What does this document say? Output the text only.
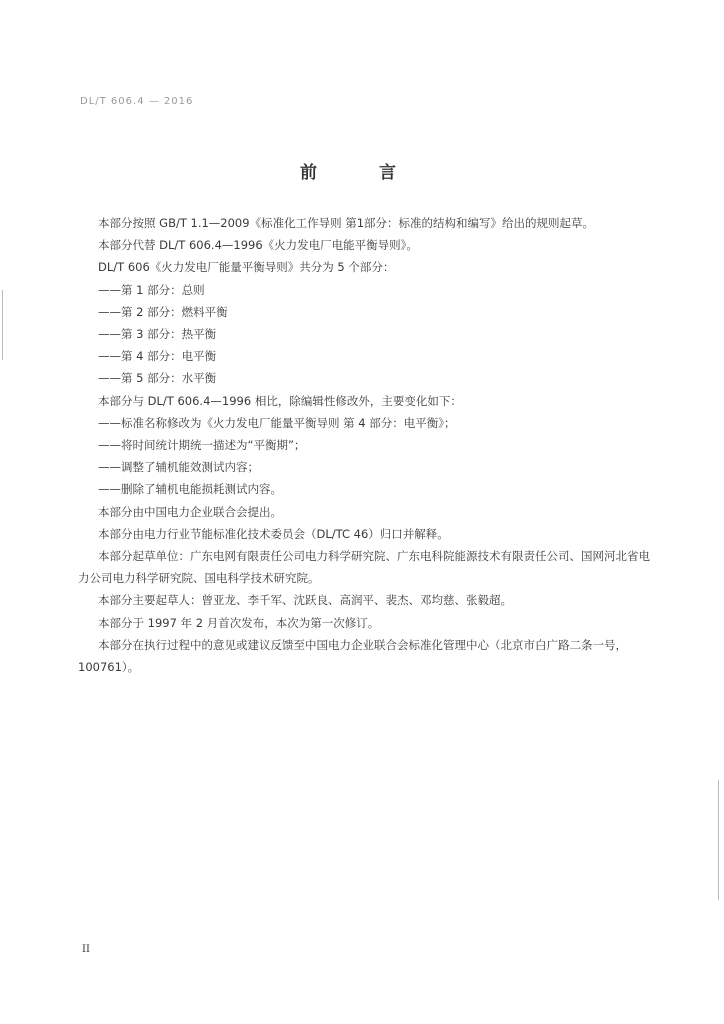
DL/T 606.4 — 2016
前 言

本部分按照 GB/T 1.1—2009《标准化工作导则 第1部分：标准的结构和编写》给出的规则起草。

本部分代替 DL/T 606.4—1996《火力发电厂电能平衡导则》。

DL/T 606《火力发电厂能量平衡导则》共分为 5 个部分：

——第 1 部分：总则

——第 2 部分：燃料平衡

——第 3 部分：热平衡

——第 4 部分：电平衡

——第 5 部分：水平衡

本部分与 DL/T 606.4—1996 相比，除编辑性修改外，主要变化如下：

——标准名称修改为《火力发电厂能量平衡导则 第 4 部分：电平衡》；

——将时间统计期统一描述为“平衡期”；

——调整了辅机能效测试内容；

——删除了辅机电能损耗测试内容。

本部分由中国电力企业联合会提出。

本部分由电力行业节能标准化技术委员会（DL/TC 46）归口并解释。

本部分起草单位：广东电网有限责任公司电力科学研究院、广东电科院能源技术有限责任公司、国网河北省电力公司电力科学研究院、国电科学技术研究院。

本部分主要起草人：曾亚龙、李千军、沈跃良、高润平、裴杰、邓均慈、张毅超。

本部分于 1997 年 2 月首次发布，本次为第一次修订。

本部分在执行过程中的意见或建议反馈至中国电力企业联合会标准化管理中心（北京市白广路二条一号，100761）。

II
